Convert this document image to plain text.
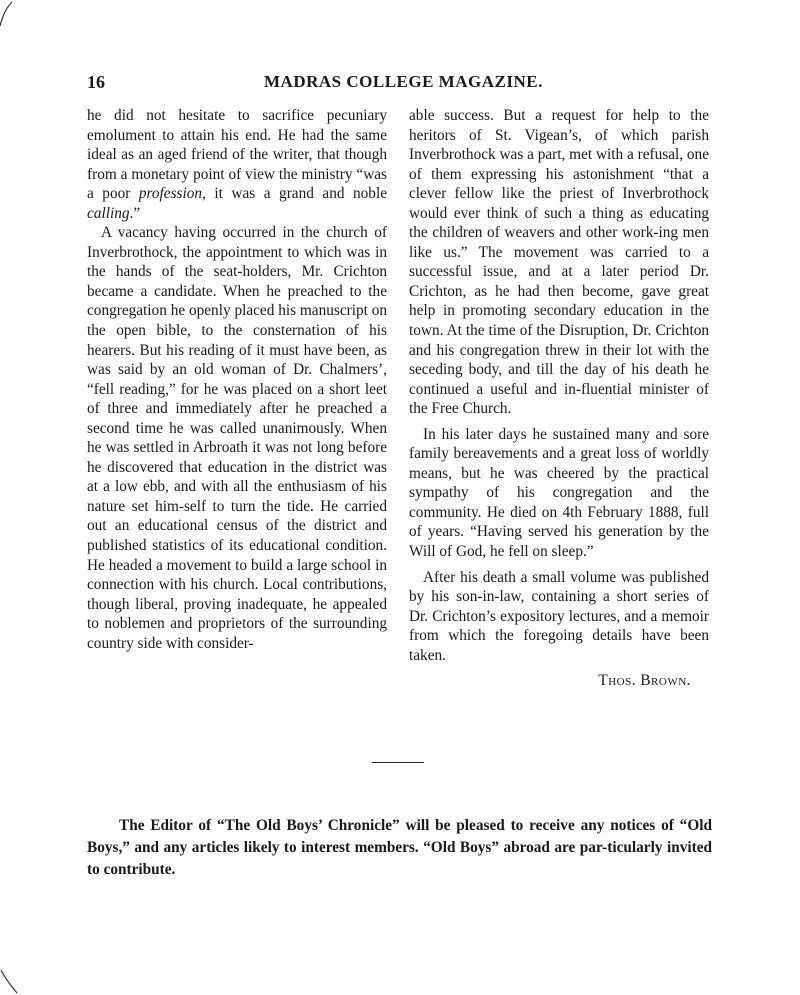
16	MADRAS COLLEGE MAGAZINE.

he did not hesitate to sacrifice pecuniary emolument to attain his end. He had the same ideal as an aged friend of the writer, that though from a monetary point of view the ministry “was a poor profession, it was a grand and noble calling.”

A vacancy having occurred in the church of Inverbrothock, the appointment to which was in the hands of the seat-holders, Mr. Crichton became a candidate. When he preached to the congregation he openly placed his manuscript on the open bible, to the consternation of his hearers. But his reading of it must have been, as was said by an old woman of Dr. Chalmers’, “fell reading,” for he was placed on a short leet of three and immediately after he preached a second time he was called unanimously. When he was settled in Arbroath it was not long before he discovered that education in the district was at a low ebb, and with all the enthusiasm of his nature set him-self to turn the tide. He carried out an educational census of the district and published statistics of its educational condition. He headed a movement to build a large school in connection with his church. Local contributions, though liberal, proving inadequate, he appealed to noblemen and proprietors of the surrounding country side with consider-

able success. But a request for help to the heritors of St. Vigean’s, of which parish Inverbrothock was a part, met with a refusal, one of them expressing his astonishment “that a clever fellow like the priest of Inverbrothock would ever think of such a thing as educating the children of weavers and other work-ing men like us.” The movement was carried to a successful issue, and at a later period Dr. Crichton, as he had then become, gave great help in promoting secondary education in the town. At the time of the Disruption, Dr. Crichton and his congregation threw in their lot with the seceding body, and till the day of his death he continued a useful and in-fluential minister of the Free Church.

In his later days he sustained many and sore family bereavements and a great loss of worldly means, but he was cheered by the practical sympathy of his congregation and the community. He died on 4th February 1888, full of years. “Having served his generation by the Will of God, he fell on sleep.”

After his death a small volume was published by his son-in-law, containing a short series of Dr. Crichton’s expository lectures, and a memoir from which the foregoing details have been taken.

Thos. Brown.

The Editor of “The Old Boys’ Chronicle” will be pleased to receive any notices of “Old Boys,” and any articles likely to interest members. “Old Boys” abroad are par-ticularly invited to contribute.
